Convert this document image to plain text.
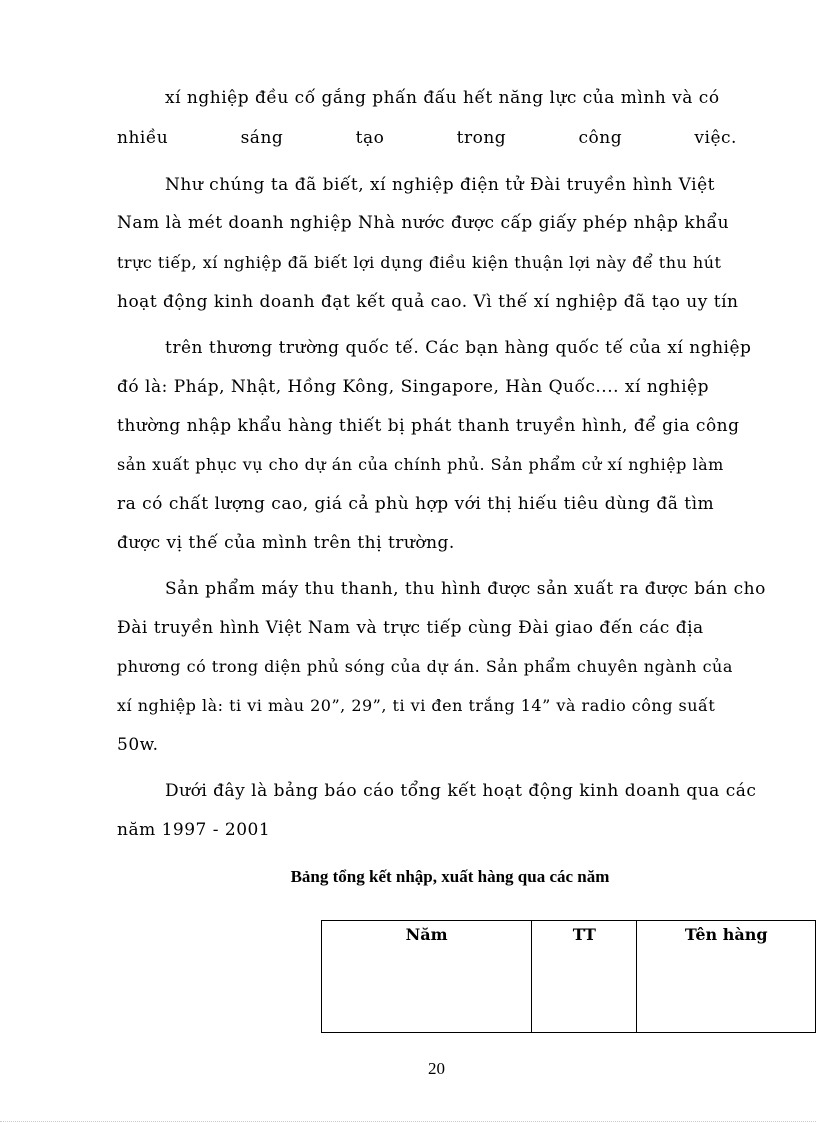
xí nghiệp đều cố gắng phấn đấu hết năng lực của mình và có
nhiều	sáng	tạo	trong	công	việc.
Như chúng ta đã biết, xí nghiệp điện tử Đài truyền hình Việt
Nam là mét doanh nghiệp Nhà nước được cấp giấy phép nhập khẩu
trực tiếp, xí nghiệp đã biết lợi dụng điều kiện thuận lợi này để thu hút
hoạt động kinh doanh đạt kết quả cao. Vì thế xí nghiệp đã tạo uy tín
trên thương trường quốc tế. Các bạn hàng quốc tế của xí nghiệp
đó là: Pháp, Nhật, Hồng Kông, Singapore, Hàn Quốc.... xí nghiệp
thường nhập khẩu hàng thiết bị phát thanh truyền hình, để gia công
sản xuất phục vụ cho dự án của chính phủ. Sản phẩm cử xí nghiệp làm
ra có chất lượng cao, giá cả phù hợp với thị hiếu tiêu dùng đã tìm
được vị thế của mình trên thị trường.
Sản phẩm máy thu thanh, thu hình được sản xuất ra được bán cho
Đài truyền hình Việt Nam và trực tiếp cùng Đài giao đến các địa
phương có trong diện phủ sóng của dự án. Sản phẩm chuyên ngành của
xí nghiệp là: ti vi màu 20”, 29”, ti vi đen trắng 14” và radio công suất
50w.
Dưới đây là bảng báo cáo tổng kết hoạt động kinh doanh qua các
năm 1997 - 2001
Bảng tổng kết nhập, xuất hàng qua các năm
Năm	TT	Tên hàng
20
